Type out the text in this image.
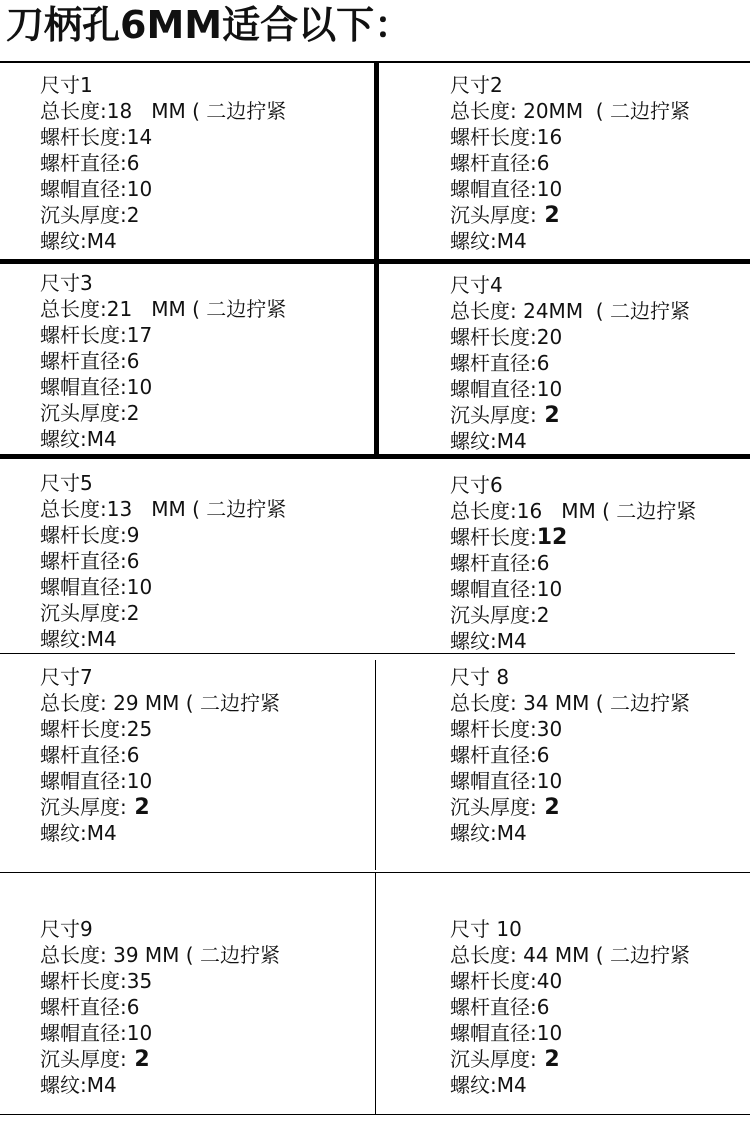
刀柄孔6MM适合以下：
尺寸1
总长度:18   MM ( 二边拧紧
螺杆长度:14
螺杆直径:6
螺帽直径:10
沉头厚度:2
螺纹:M4
尺寸2
总长度: 20MM  ( 二边拧紧
螺杆长度:16
螺杆直径:6
螺帽直径:10
沉头厚度: 2
螺纹:M4
尺寸3
总长度:21   MM ( 二边拧紧
螺杆长度:17
螺杆直径:6
螺帽直径:10
沉头厚度:2
螺纹:M4
尺寸4
总长度: 24MM  ( 二边拧紧
螺杆长度:20
螺杆直径:6
螺帽直径:10
沉头厚度: 2
螺纹:M4
尺寸5
总长度:13   MM ( 二边拧紧
螺杆长度:9
螺杆直径:6
螺帽直径:10
沉头厚度:2
螺纹:M4
尺寸6
总长度:16   MM ( 二边拧紧
螺杆长度:12
螺杆直径:6
螺帽直径:10
沉头厚度:2
螺纹:M4
尺寸7
总长度: 29 MM ( 二边拧紧
螺杆长度:25
螺杆直径:6
螺帽直径:10
沉头厚度: 2
螺纹:M4
尺寸 8
总长度: 34 MM ( 二边拧紧
螺杆长度:30
螺杆直径:6
螺帽直径:10
沉头厚度: 2
螺纹:M4
尺寸9
总长度: 39 MM ( 二边拧紧
螺杆长度:35
螺杆直径:6
螺帽直径:10
沉头厚度: 2
螺纹:M4
尺寸 10
总长度: 44 MM ( 二边拧紧
螺杆长度:40
螺杆直径:6
螺帽直径:10
沉头厚度: 2
螺纹:M4
